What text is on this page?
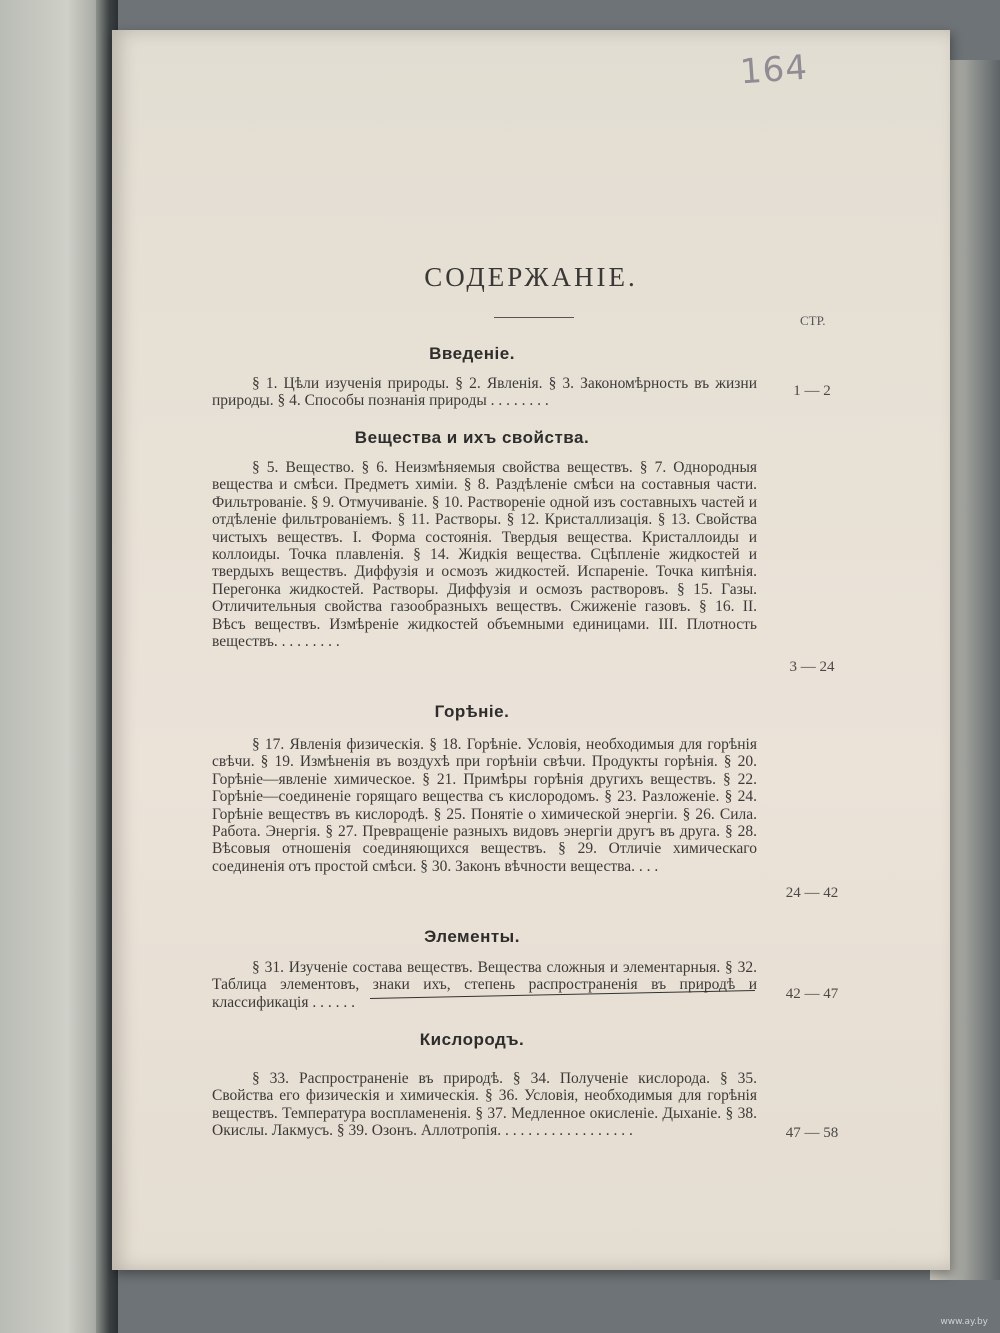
164
СОДЕРЖАНІЕ.
СТР.
Введеніе.
§ 1. Цѣли изученія природы. § 2. Явленія. § 3. Закономѣрность въ жизни природы. § 4. Способы познанія природы . . . . . . . .
1 — 2
Вещества и ихъ свойства.
§ 5. Вещество. § 6. Неизмѣняемыя свойства веществъ. § 7. Однородныя вещества и смѣси. Предметъ химіи. § 8. Раздѣленіе смѣси на составныя части. Фильтрованіе. § 9. Отмучиваніе. § 10. Раствореніе одной изъ составныхъ частей и отдѣленіе фильтрованіемъ. § 11. Растворы. § 12. Кристаллизація. § 13. Свойства чистыхъ веществъ. I. Форма состоянія. Твердыя вещества. Кристаллоиды и коллоиды. Точка плавленія. § 14. Жидкія вещества. Сцѣпленіе жидкостей и твердыхъ веществъ. Диффузія и осмозъ жидкостей. Испареніе. Точка кипѣнія. Перегонка жидкостей. Растворы. Диффузія и осмозъ растворовъ. § 15. Газы. Отличительныя свойства газообразныхъ веществъ. Сжиженіе газовъ. § 16. II. Вѣсъ веществъ. Измѣреніе жидкостей объемными единицами. III. Плотность веществъ. . . . . . . . .
3 — 24
Горѣніе.
§ 17. Явленія физическія. § 18. Горѣніе. Условія, необходимыя для горѣнія свѣчи. § 19. Измѣненія въ воздухѣ при горѣніи свѣчи. Продукты горѣнія. § 20. Горѣніе—явленіе химическое. § 21. Примѣры горѣнія другихъ веществъ. § 22. Горѣніе—соединеніе горящаго вещества съ кислородомъ. § 23. Разложеніе. § 24. Горѣніе веществъ въ кислородѣ. § 25. Понятіе о химической энергіи. § 26. Сила. Работа. Энергія. § 27. Превращеніе разныхъ видовъ энергіи другъ въ друга. § 28. Вѣсовыя отношенія соединяющихся веществъ. § 29. Отличіе химическаго соединенія отъ простой смѣси. § 30. Законъ вѣчности вещества. . . .
24 — 42
Элементы.
§ 31. Изученіе состава веществъ. Вещества сложныя и элементарныя. § 32. Таблица элементовъ, знаки ихъ, степень распространенія въ природѣ и классификація . . . . . .	42 — 47
Кислородъ.
§ 33. Распространеніе въ природѣ. § 34. Полученіе кислорода. § 35. Свойства его физическія и химическія. § 36. Условія, необходимыя для горѣнія веществъ. Температура воспламененія. § 37. Медленное окисленіе. Дыханіе. § 38. Окислы. Лакмусъ. § 39. Озонъ. Аллотропія. . . . . . . . . . . . . . . . . .	47 — 58
www.ay.by
